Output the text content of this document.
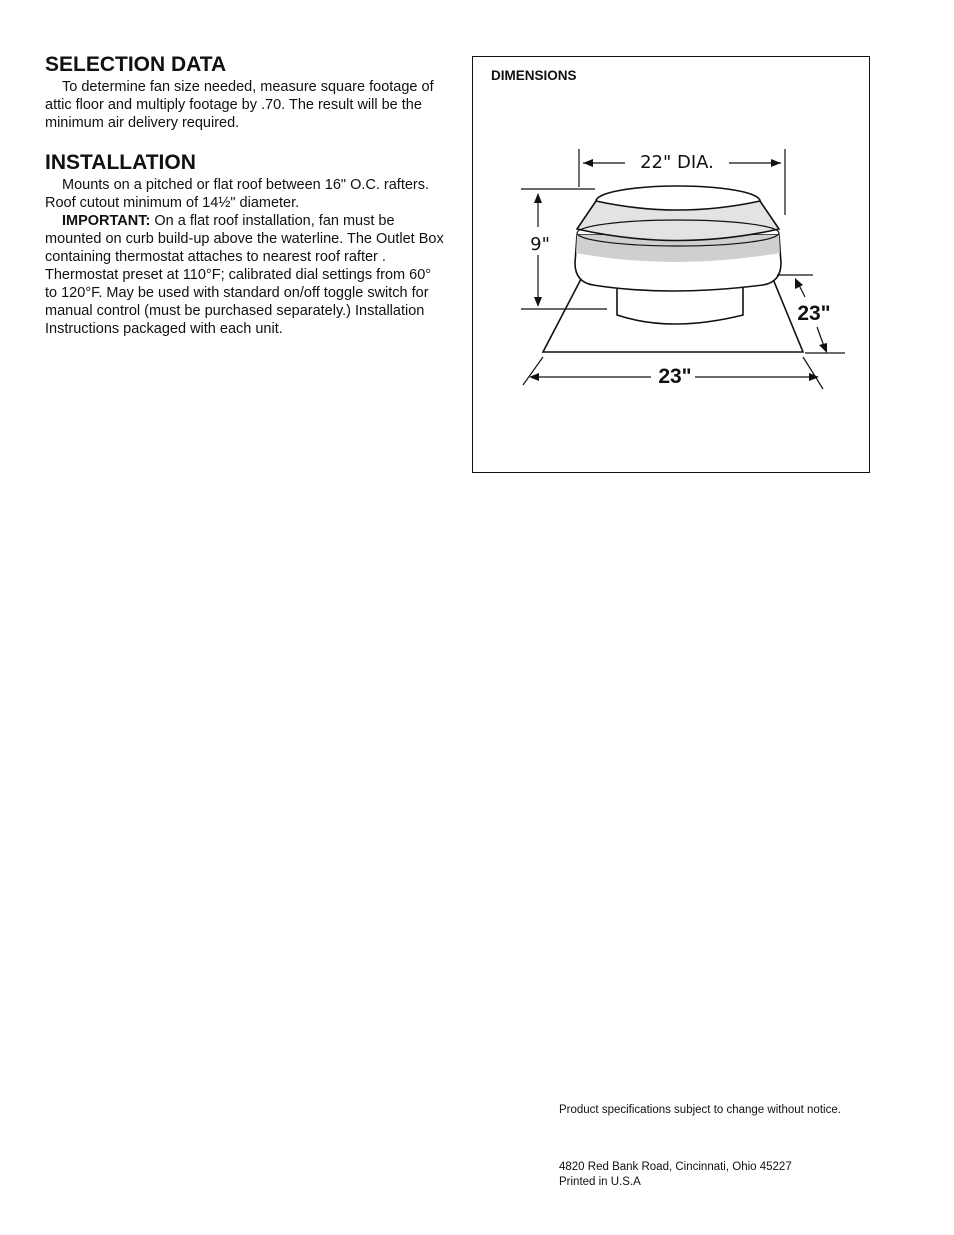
SELECTION DATA

To determine fan size needed, measure square footage of attic floor and multiply footage by .70. The result will be the minimum air delivery required.

INSTALLATION

Mounts on a pitched or flat roof between 16" O.C. rafters. Roof cutout minimum of 14½" diameter.

IMPORTANT: On a flat roof installation, fan must be mounted on curb build-up above the waterline. The Outlet Box containing thermostat attaches to nearest roof rafter . Thermostat preset at 110°F; calibrated dial settings from 60° to 120°F. May be used with standard on/off toggle switch for manual control (must be purchased separately.) Installation Instructions packaged with each unit.

DIMENSIONS
22" DIA.
9"
23"
23"
Product specifications subject to change without notice.
4820 Red Bank Road, Cincinnati, Ohio 45227
Printed in U.S.A
